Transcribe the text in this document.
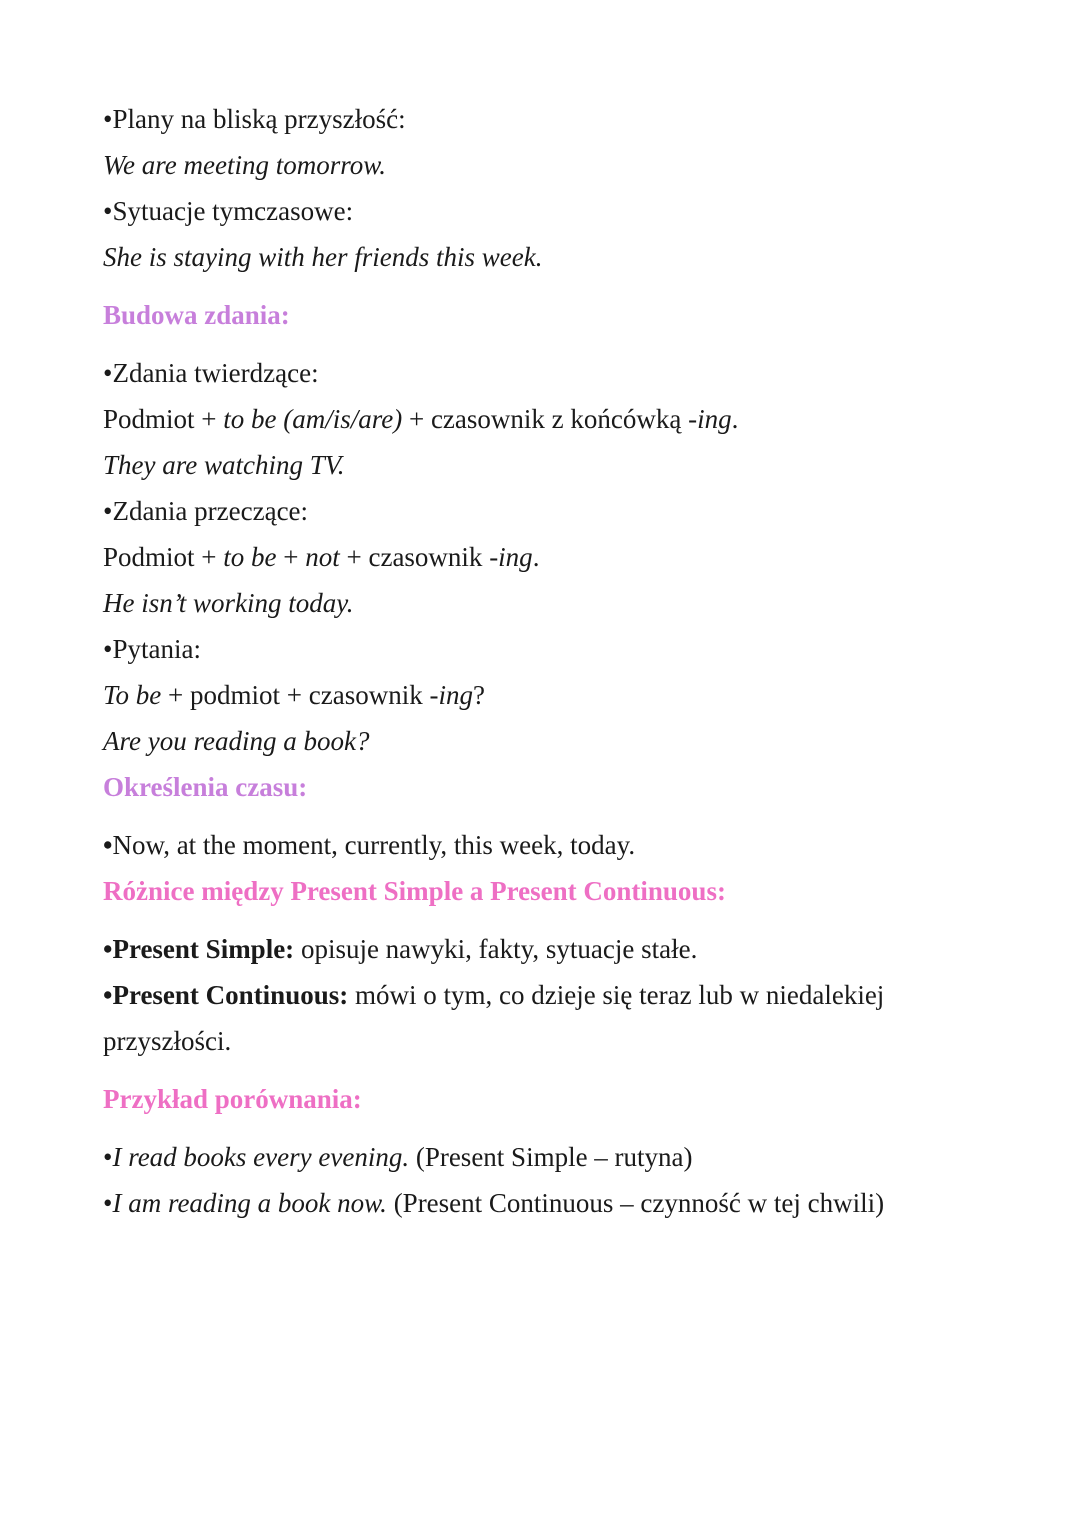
•Plany na bliską przyszłość:
We are meeting tomorrow.
•Sytuacje tymczasowe:
She is staying with her friends this week.
Budowa zdania:
•Zdania twierdzące:
Podmiot + to be (am/is/are) + czasownik z końcówką -ing.
They are watching TV.
•Zdania przeczące:
Podmiot + to be + not + czasownik -ing.
He isn’t working today.
•Pytania:
To be + podmiot + czasownik -ing?
Are you reading a book?
Określenia czasu:
•Now, at the moment, currently, this week, today.
Różnice między Present Simple a Present Continuous:
•Present Simple: opisuje nawyki, fakty, sytuacje stałe.
•Present Continuous: mówi o tym, co dzieje się teraz lub w niedalekiej
przyszłości.
Przykład porównania:
•I read books every evening. (Present Simple – rutyna)
•I am reading a book now. (Present Continuous – czynność w tej chwili)
